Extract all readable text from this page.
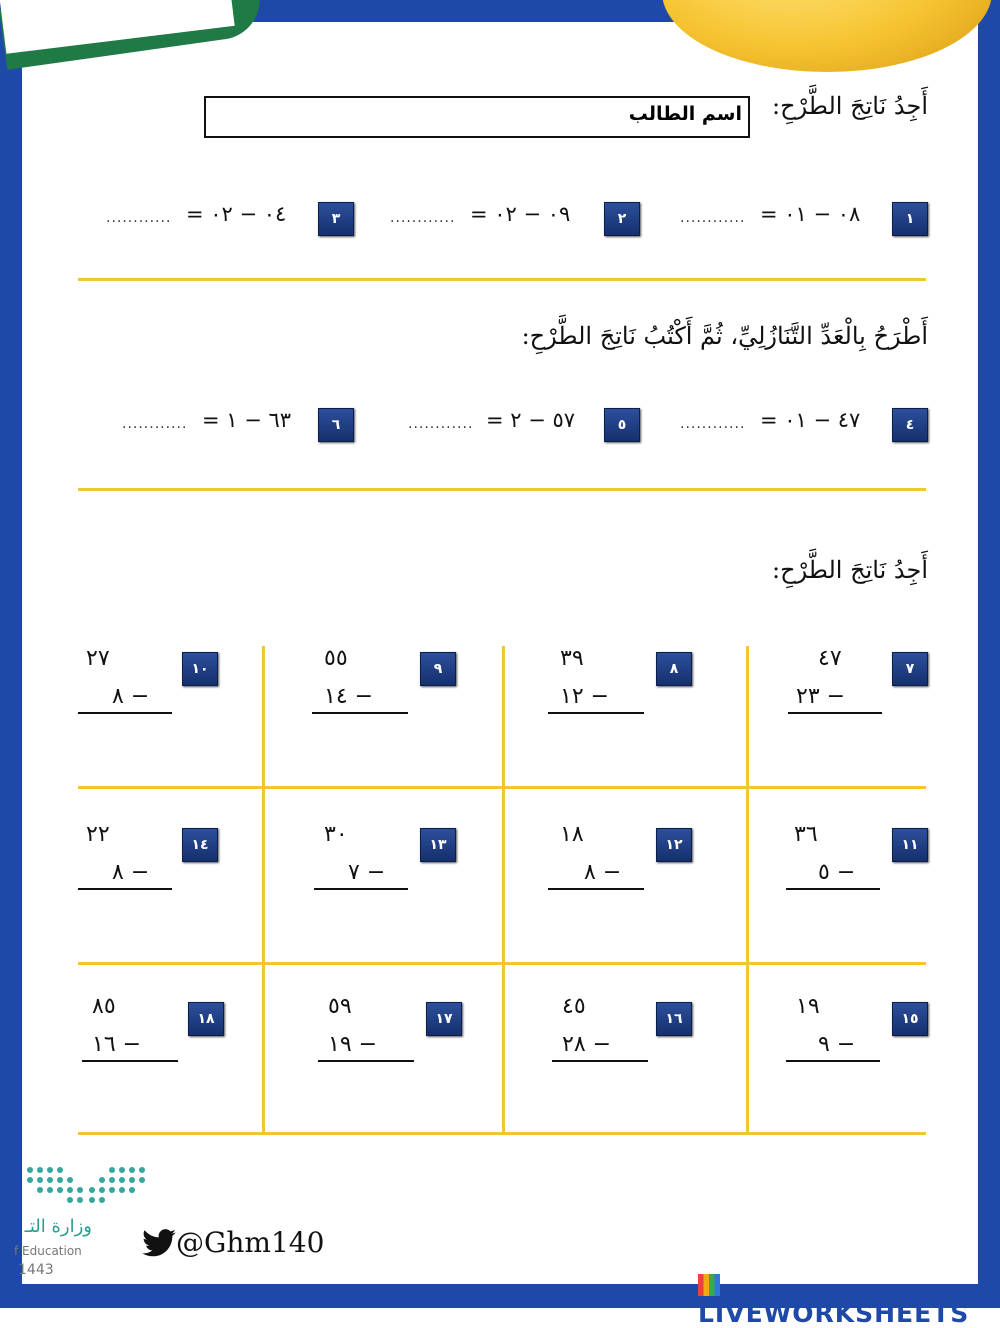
أَجِدُ نَاتِجَ الطَّرْحِ:
اسم الطالب
١
٨٠ − ١٠ =
............
٢
٩٠ − ٢٠ =
............
٣
٤٠ − ٢٠ =
............
أَطْرَحُ بِالْعَدِّ التَّنَازُلِيِّ، ثُمَّ أَكْتُبُ نَاتِجَ الطَّرْحِ:
٤
٧٤ − ١٠ =
............
٥
٧٥ − ٢ =
............
٦
٣٦ − ١ =
............
أَجِدُ نَاتِجَ الطَّرْحِ:
٧
٤٧
٢٣ −
٨
٣٩
١٢ −
٩
٥٥
١٤ −
١٠
٢٧
٨ −
١١
٣٦
٥ −
١٢
١٨
٨ −
١٣
٣٠
٧ −
١٤
٢٢
٨ −
١٥
١٩
٩ −
١٦
٤٥
٢٨ −
١٧
٥٩
١٩ −
١٨
٨٥
١٦ −
وزارة التـ
f Education
1443
@Ghm140
LIVEWORKSHEETS
